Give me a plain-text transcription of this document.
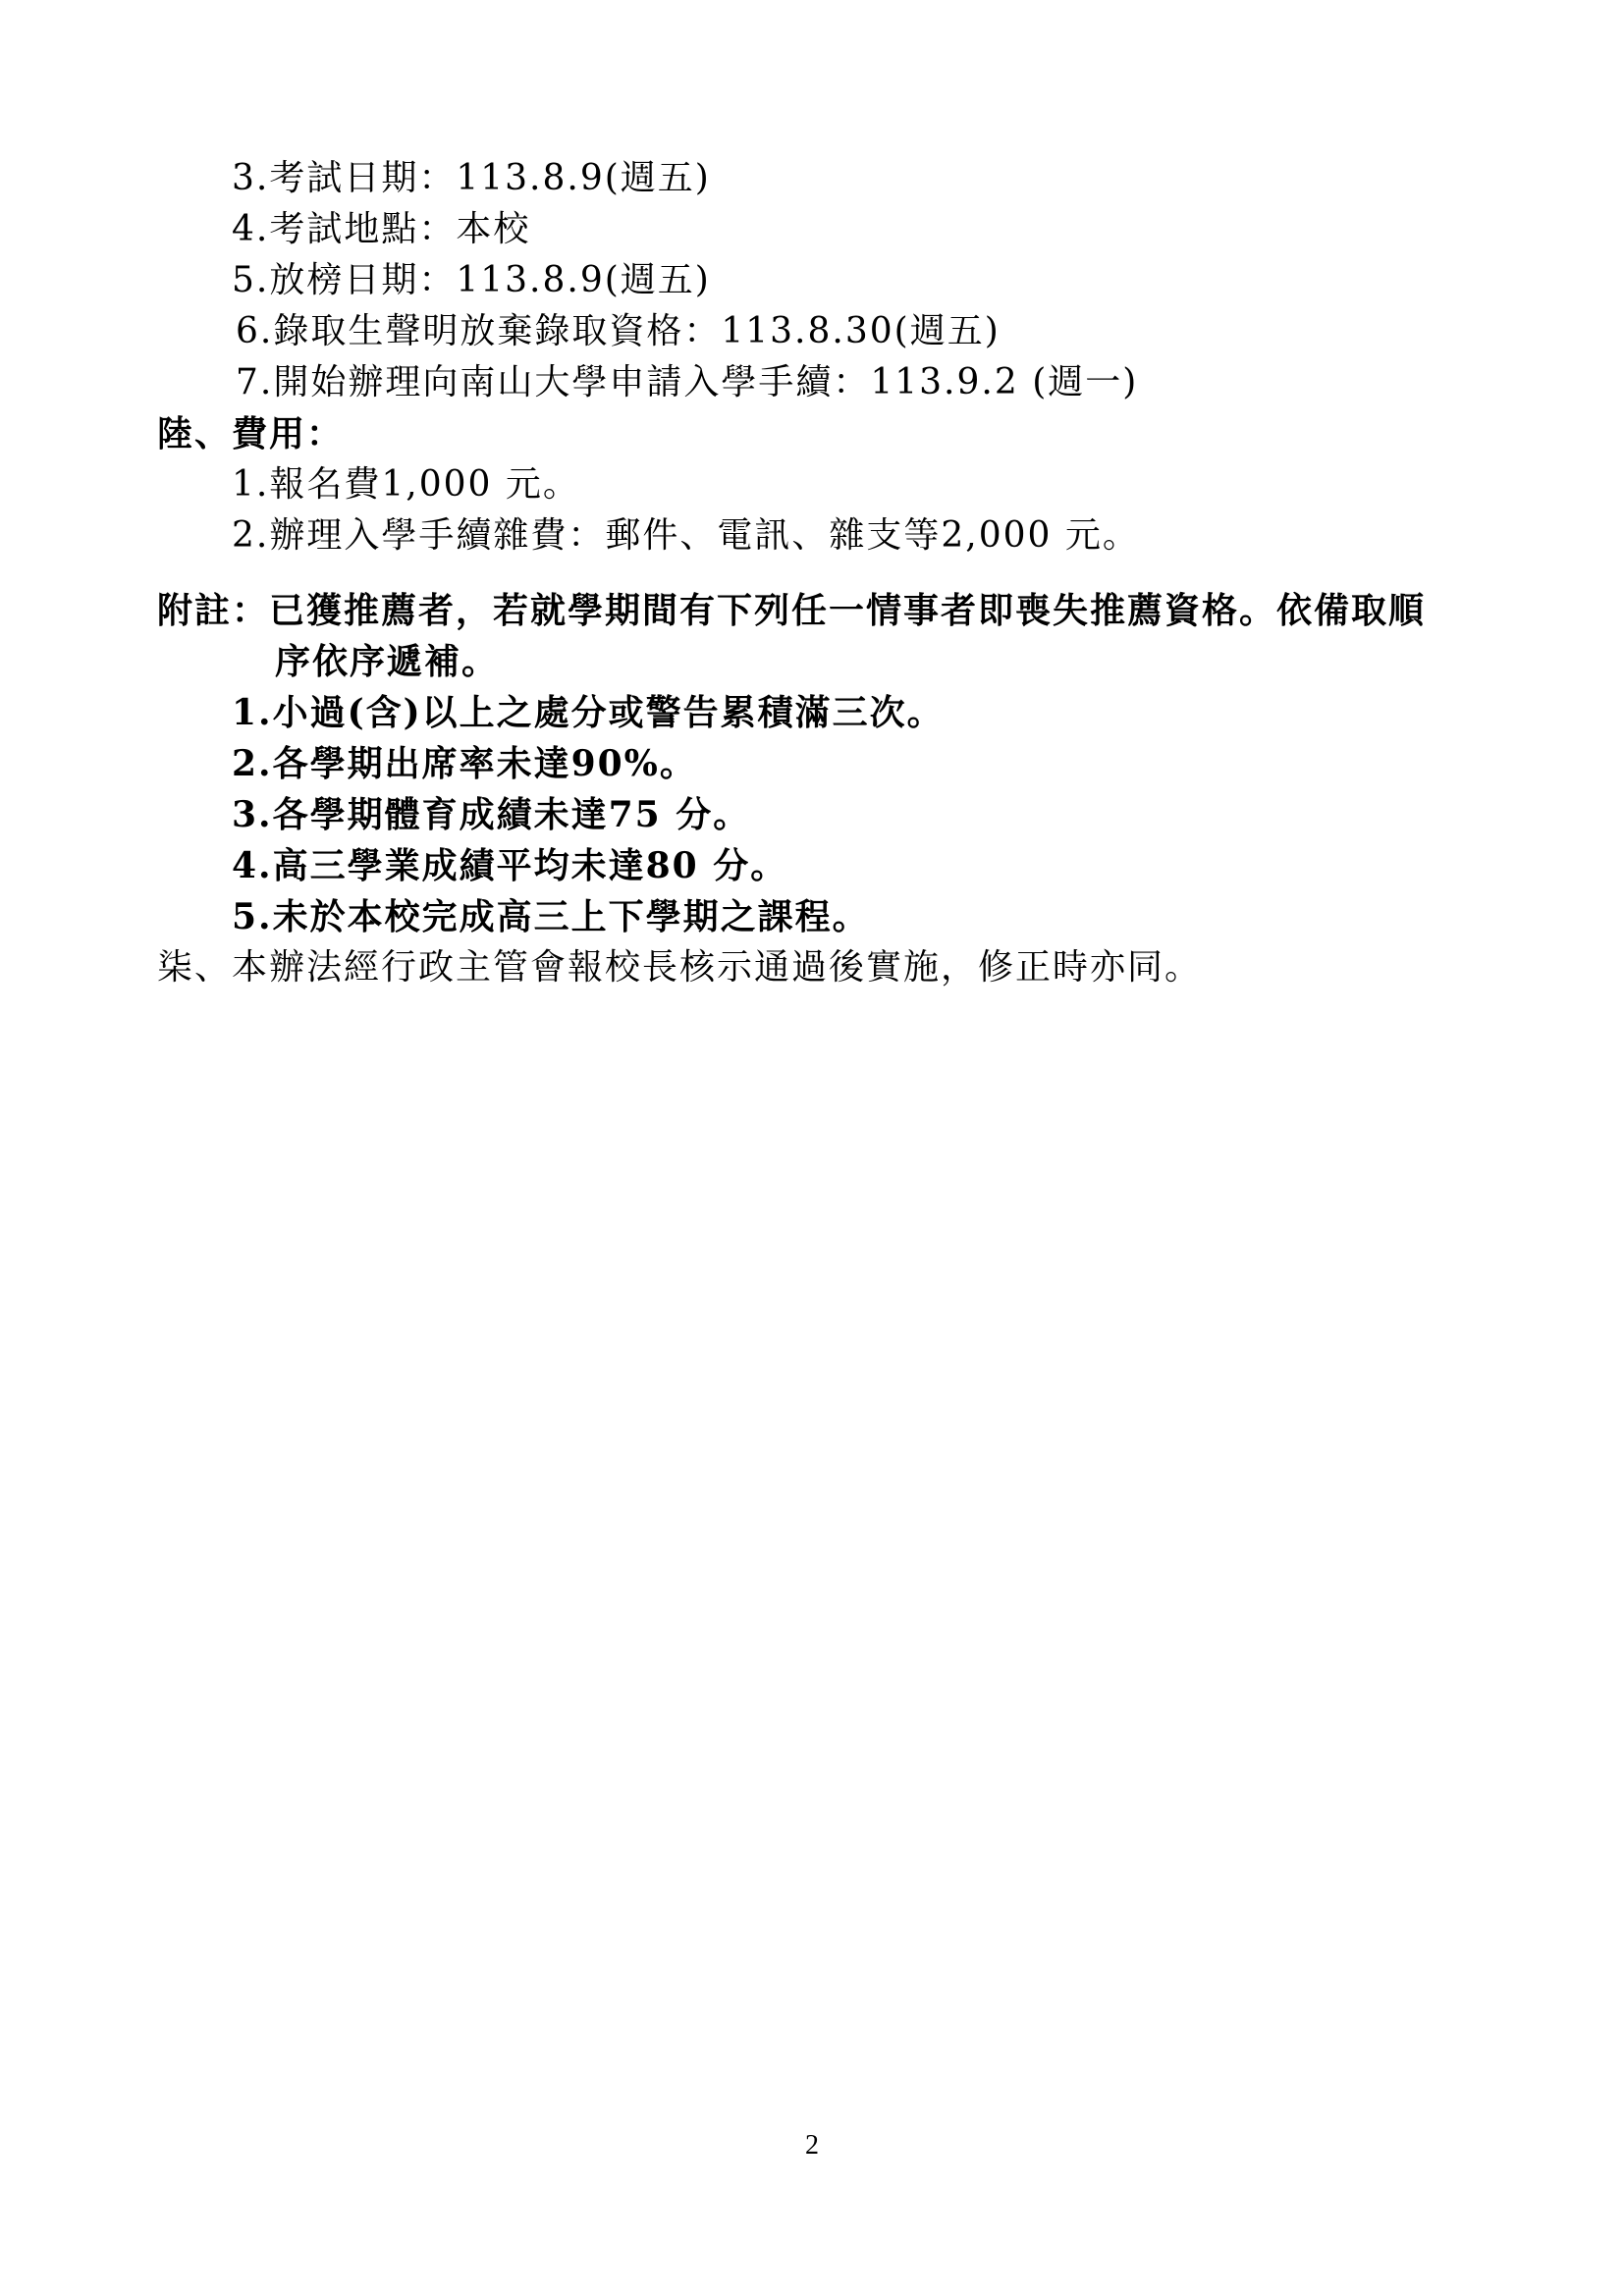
3.考試日期：113.8.9(週五)
4.考試地點：本校
5.放榜日期：113.8.9(週五)
6.錄取生聲明放棄錄取資格：113.8.30(週五)
7.開始辦理向南山大學申請入學手續：113.9.2 (週一)
陸、費用：
1.報名費1,000 元。
2.辦理入學手續雜費：郵件、電訊、雜支等2,000 元。
附註：已獲推薦者，若就學期間有下列任一情事者即喪失推薦資格。依備取順
序依序遞補。
1.小過(含)以上之處分或警告累積滿三次。
2.各學期出席率未達90%。
3.各學期體育成績未達75 分。
4.高三學業成績平均未達80 分。
5.未於本校完成高三上下學期之課程。
柒、本辦法經行政主管會報校長核示通過後實施，修正時亦同。
2
